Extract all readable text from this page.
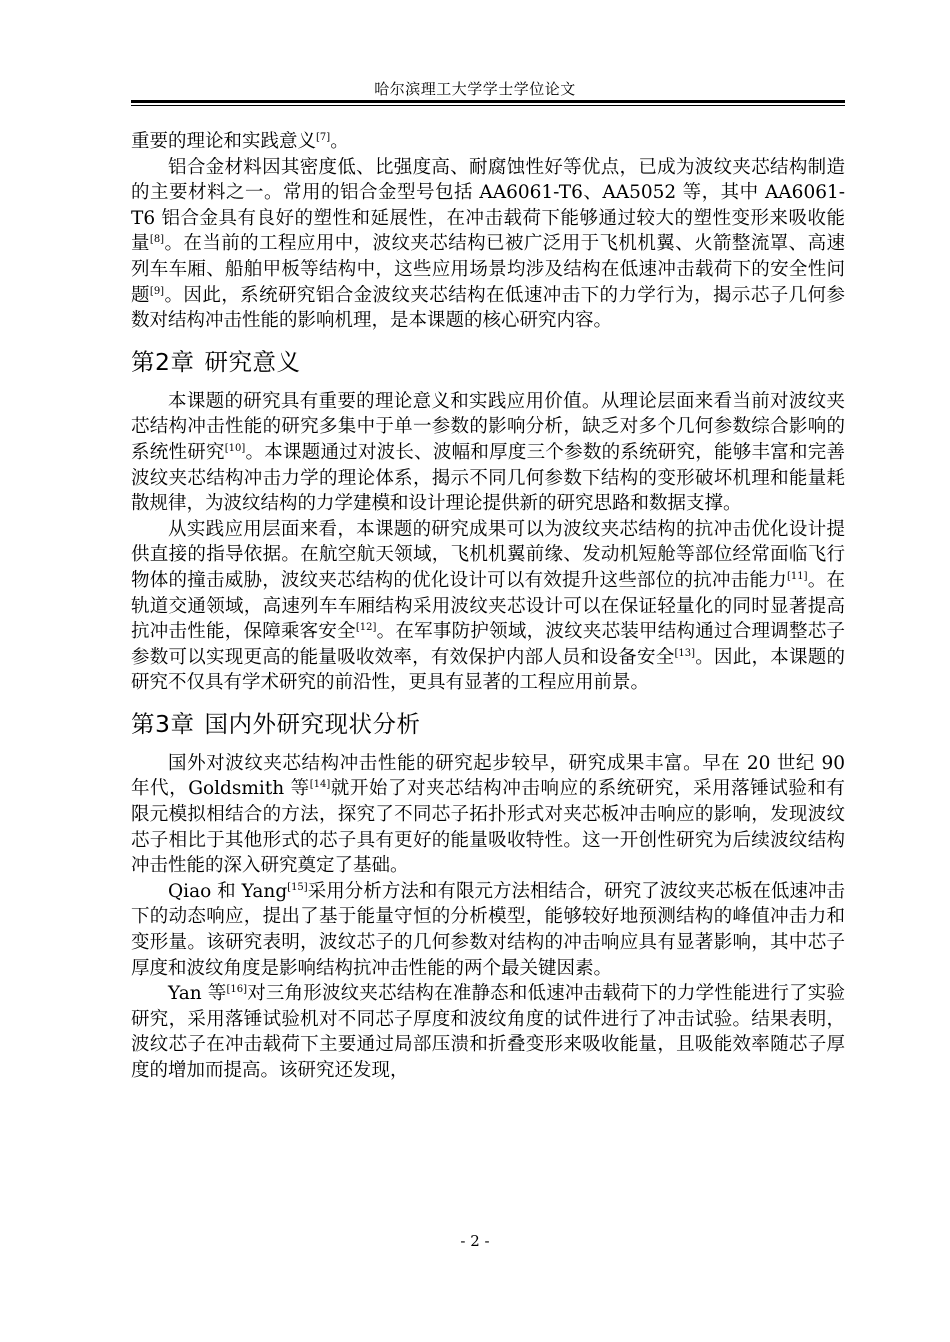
哈尔滨理工大学学士学位论文

重要的理论和实践意义[7]。

铝合金材料因其密度低、比强度高、耐腐蚀性好等优点，已成为波纹夹芯结构制造的主要材料之一。常用的铝合金型号包括 AA6061-T6、AA5052 等，其中 AA6061-T6 铝合金具有良好的塑性和延展性，在冲击载荷下能够通过较大的塑性变形来吸收能量[8]。在当前的工程应用中，波纹夹芯结构已被广泛用于飞机机翼、火箭整流罩、高速列车车厢、船舶甲板等结构中，这些应用场景均涉及结构在低速冲击载荷下的安全性问题[9]。因此，系统研究铝合金波纹夹芯结构在低速冲击下的力学行为，揭示芯子几何参数对结构冲击性能的影响机理，是本课题的核心研究内容。

第2章 研究意义

本课题的研究具有重要的理论意义和实践应用价值。从理论层面来看当前对波纹夹芯结构冲击性能的研究多集中于单一参数的影响分析，缺乏对多个几何参数综合影响的系统性研究[10]。本课题通过对波长、波幅和厚度三个参数的系统研究，能够丰富和完善波纹夹芯结构冲击力学的理论体系，揭示不同几何参数下结构的变形破坏机理和能量耗散规律，为波纹结构的力学建模和设计理论提供新的研究思路和数据支撑。

从实践应用层面来看，本课题的研究成果可以为波纹夹芯结构的抗冲击优化设计提供直接的指导依据。在航空航天领域，飞机机翼前缘、发动机短舱等部位经常面临飞行物体的撞击威胁，波纹夹芯结构的优化设计可以有效提升这些部位的抗冲击能力[11]。在轨道交通领域，高速列车车厢结构采用波纹夹芯设计可以在保证轻量化的同时显著提高抗冲击性能，保障乘客安全[12]。在军事防护领域，波纹夹芯装甲结构通过合理调整芯子参数可以实现更高的能量吸收效率，有效保护内部人员和设备安全[13]。因此，本课题的研究不仅具有学术研究的前沿性，更具有显著的工程应用前景。

第3章 国内外研究现状分析

国外对波纹夹芯结构冲击性能的研究起步较早，研究成果丰富。早在 20 世纪 90 年代，Goldsmith 等[14]就开始了对夹芯结构冲击响应的系统研究，采用落锤试验和有限元模拟相结合的方法，探究了不同芯子拓扑形式对夹芯板冲击响应的影响，发现波纹芯子相比于其他形式的芯子具有更好的能量吸收特性。这一开创性研究为后续波纹结构冲击性能的深入研究奠定了基础。

Qiao 和 Yang[15]采用分析方法和有限元方法相结合，研究了波纹夹芯板在低速冲击下的动态响应，提出了基于能量守恒的分析模型，能够较好地预测结构的峰值冲击力和变形量。该研究表明，波纹芯子的几何参数对结构的冲击响应具有显著影响，其中芯子厚度和波纹角度是影响结构抗冲击性能的两个最关键因素。

Yan 等[16]对三角形波纹夹芯结构在准静态和低速冲击载荷下的力学性能进行了实验研究，采用落锤试验机对不同芯子厚度和波纹角度的试件进行了冲击试验。结果表明，波纹芯子在冲击载荷下主要通过局部压溃和折叠变形来吸收能量，且吸能效率随芯子厚度的增加而提高。该研究还发现，

- 2 -
